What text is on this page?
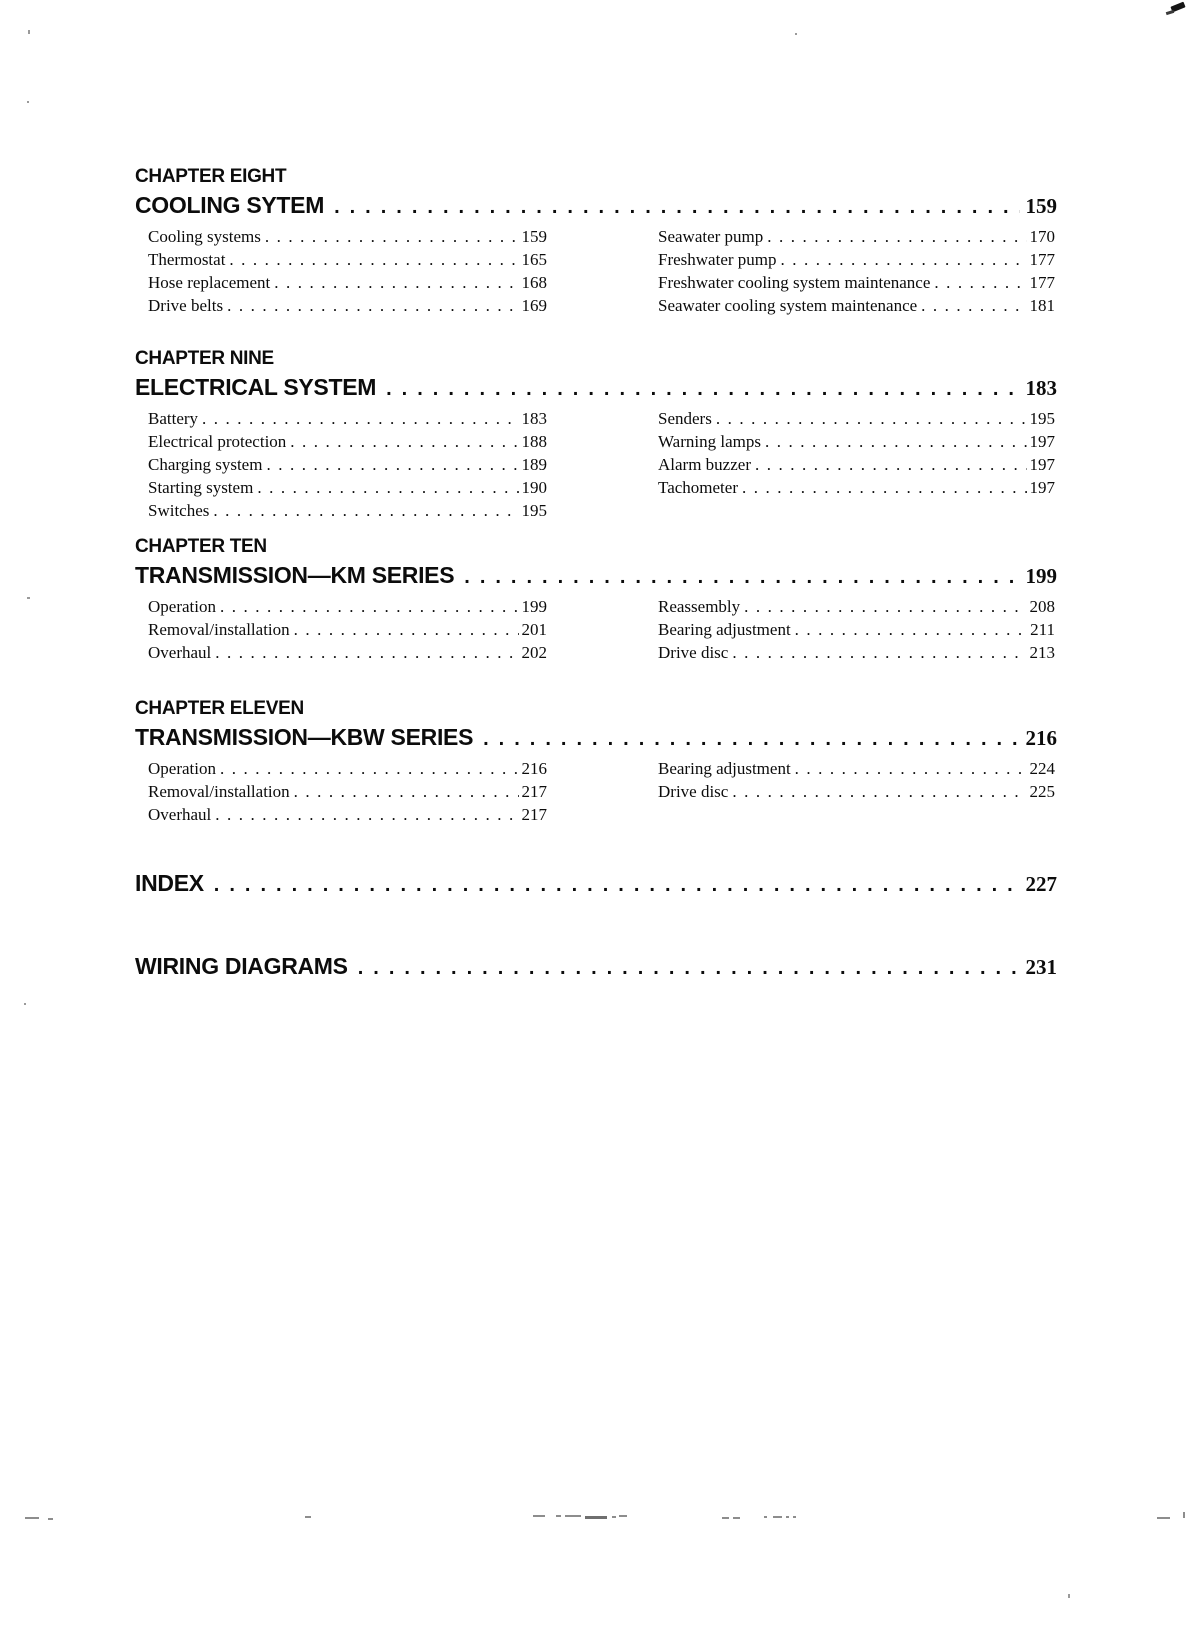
CHAPTER EIGHT
COOLING SYTEM .....	159
Cooling systems .....	159
Thermostat .....	165
Hose replacement .....	168
Drive belts .....	169
Seawater pump .....	170
Freshwater pump .....	177
Freshwater cooling system maintenance .....	177
Seawater cooling system maintenance .....	181
CHAPTER NINE
ELECTRICAL SYSTEM .....	183
Battery .....	183
Electrical protection .....	188
Charging system .....	189
Starting system .....	190
Switches .....	195
Senders .....	195
Warning lamps .....	197
Alarm buzzer .....	197
Tachometer .....	197
CHAPTER TEN
TRANSMISSION—KM SERIES .....	199
Operation .....	199
Removal/installation .....	201
Overhaul .....	202
Reassembly .....	208
Bearing adjustment .....	211
Drive disc .....	213
CHAPTER ELEVEN
TRANSMISSION—KBW SERIES .....	216
Operation .....	216
Removal/installation .....	217
Overhaul .....	217
Bearing adjustment .....	224
Drive disc .....	225
INDEX .....	227
WIRING DIAGRAMS .....	231
